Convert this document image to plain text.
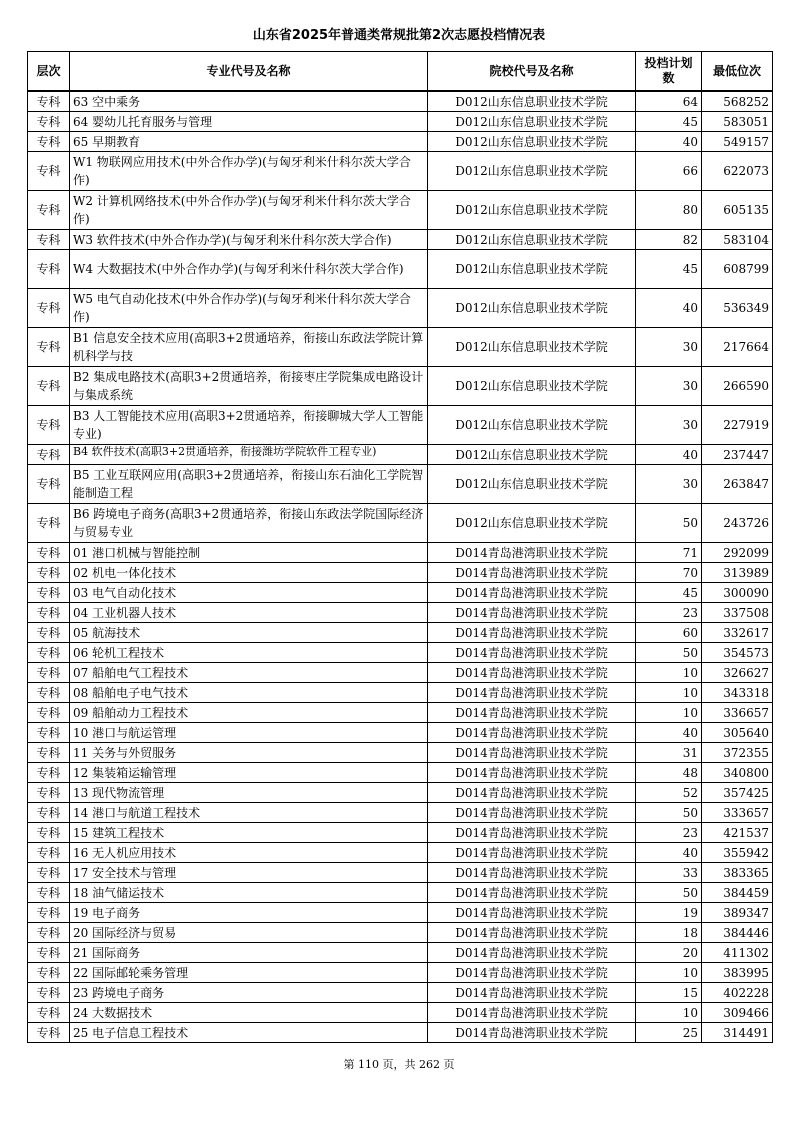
山东省2025年普通类常规批第2次志愿投档情况表
层次	专业代号及名称	院校代号及名称	投档计划数	最低位次
专科	63 空中乘务	D012山东信息职业技术学院	64	568252
专科	64 婴幼儿托育服务与管理	D012山东信息职业技术学院	45	583051
专科	65 早期教育	D012山东信息职业技术学院	40	549157
专科	W1 物联网应用技术(中外合作办学)(与匈牙利米什科尔茨大学合作)	D012山东信息职业技术学院	66	622073
专科	W2 计算机网络技术(中外合作办学)(与匈牙利米什科尔茨大学合作)	D012山东信息职业技术学院	80	605135
专科	W3 软件技术(中外合作办学)(与匈牙利米什科尔茨大学合作)	D012山东信息职业技术学院	82	583104
专科	W4 大数据技术(中外合作办学)(与匈牙利米什科尔茨大学合作)	D012山东信息职业技术学院	45	608799
专科	W5 电气自动化技术(中外合作办学)(与匈牙利米什科尔茨大学合作)	D012山东信息职业技术学院	40	536349
专科	B1 信息安全技术应用(高职3+2贯通培养，衔接山东政法学院计算机科学与技	D012山东信息职业技术学院	30	217664
专科	B2 集成电路技术(高职3+2贯通培养，衔接枣庄学院集成电路设计与集成系统	D012山东信息职业技术学院	30	266590
专科	B3 人工智能技术应用(高职3+2贯通培养，衔接聊城大学人工智能专业)	D012山东信息职业技术学院	30	227919
专科	B4 软件技术(高职3+2贯通培养，衔接潍坊学院软件工程专业)	D012山东信息职业技术学院	40	237447
专科	B5 工业互联网应用(高职3+2贯通培养，衔接山东石油化工学院智能制造工程	D012山东信息职业技术学院	30	263847
专科	B6 跨境电子商务(高职3+2贯通培养，衔接山东政法学院国际经济与贸易专业	D012山东信息职业技术学院	50	243726
专科	01 港口机械与智能控制	D014青岛港湾职业技术学院	71	292099
专科	02 机电一体化技术	D014青岛港湾职业技术学院	70	313989
专科	03 电气自动化技术	D014青岛港湾职业技术学院	45	300090
专科	04 工业机器人技术	D014青岛港湾职业技术学院	23	337508
专科	05 航海技术	D014青岛港湾职业技术学院	60	332617
专科	06 轮机工程技术	D014青岛港湾职业技术学院	50	354573
专科	07 船舶电气工程技术	D014青岛港湾职业技术学院	10	326627
专科	08 船舶电子电气技术	D014青岛港湾职业技术学院	10	343318
专科	09 船舶动力工程技术	D014青岛港湾职业技术学院	10	336657
专科	10 港口与航运管理	D014青岛港湾职业技术学院	40	305640
专科	11 关务与外贸服务	D014青岛港湾职业技术学院	31	372355
专科	12 集装箱运输管理	D014青岛港湾职业技术学院	48	340800
专科	13 现代物流管理	D014青岛港湾职业技术学院	52	357425
专科	14 港口与航道工程技术	D014青岛港湾职业技术学院	50	333657
专科	15 建筑工程技术	D014青岛港湾职业技术学院	23	421537
专科	16 无人机应用技术	D014青岛港湾职业技术学院	40	355942
专科	17 安全技术与管理	D014青岛港湾职业技术学院	33	383365
专科	18 油气储运技术	D014青岛港湾职业技术学院	50	384459
专科	19 电子商务	D014青岛港湾职业技术学院	19	389347
专科	20 国际经济与贸易	D014青岛港湾职业技术学院	18	384446
专科	21 国际商务	D014青岛港湾职业技术学院	20	411302
专科	22 国际邮轮乘务管理	D014青岛港湾职业技术学院	10	383995
专科	23 跨境电子商务	D014青岛港湾职业技术学院	15	402228
专科	24 大数据技术	D014青岛港湾职业技术学院	10	309466
专科	25 电子信息工程技术	D014青岛港湾职业技术学院	25	314491
第 110 页，共 262 页
